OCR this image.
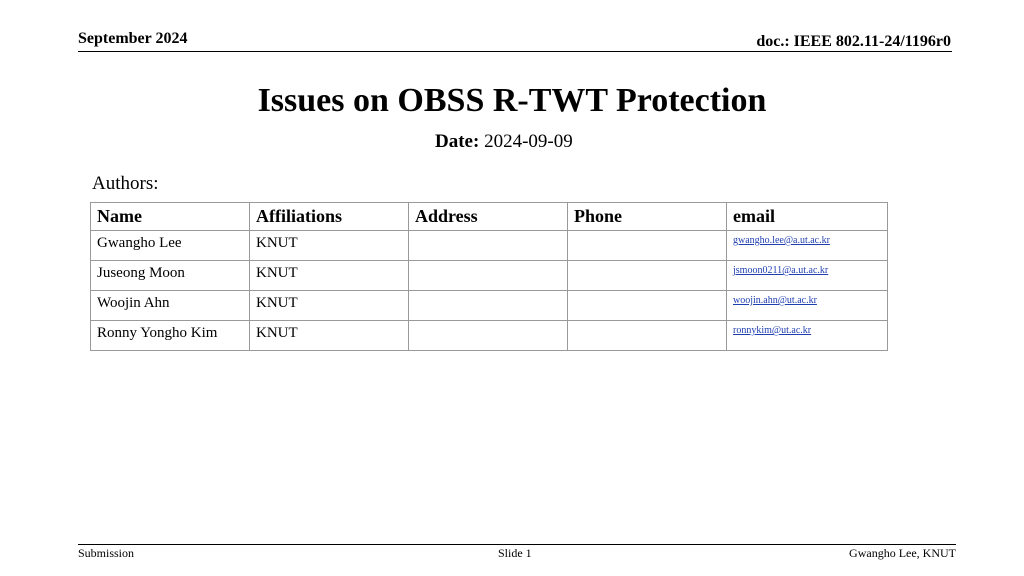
September 2024	doc.: IEEE 802.11-24/1196r0
Issues on OBSS R-TWT Protection
Date: 2024-09-09
Authors:
Name	Affiliations	Address	Phone	email
Gwangho Lee	KNUT			gwangho.lee@a.ut.ac.kr
Juseong Moon	KNUT			jsmoon0211@a.ut.ac.kr
Woojin Ahn	KNUT			woojin.ahn@ut.ac.kr
Ronny Yongho Kim	KNUT			ronnykim@ut.ac.kr
Submission	Slide 1	Gwangho Lee, KNUT
